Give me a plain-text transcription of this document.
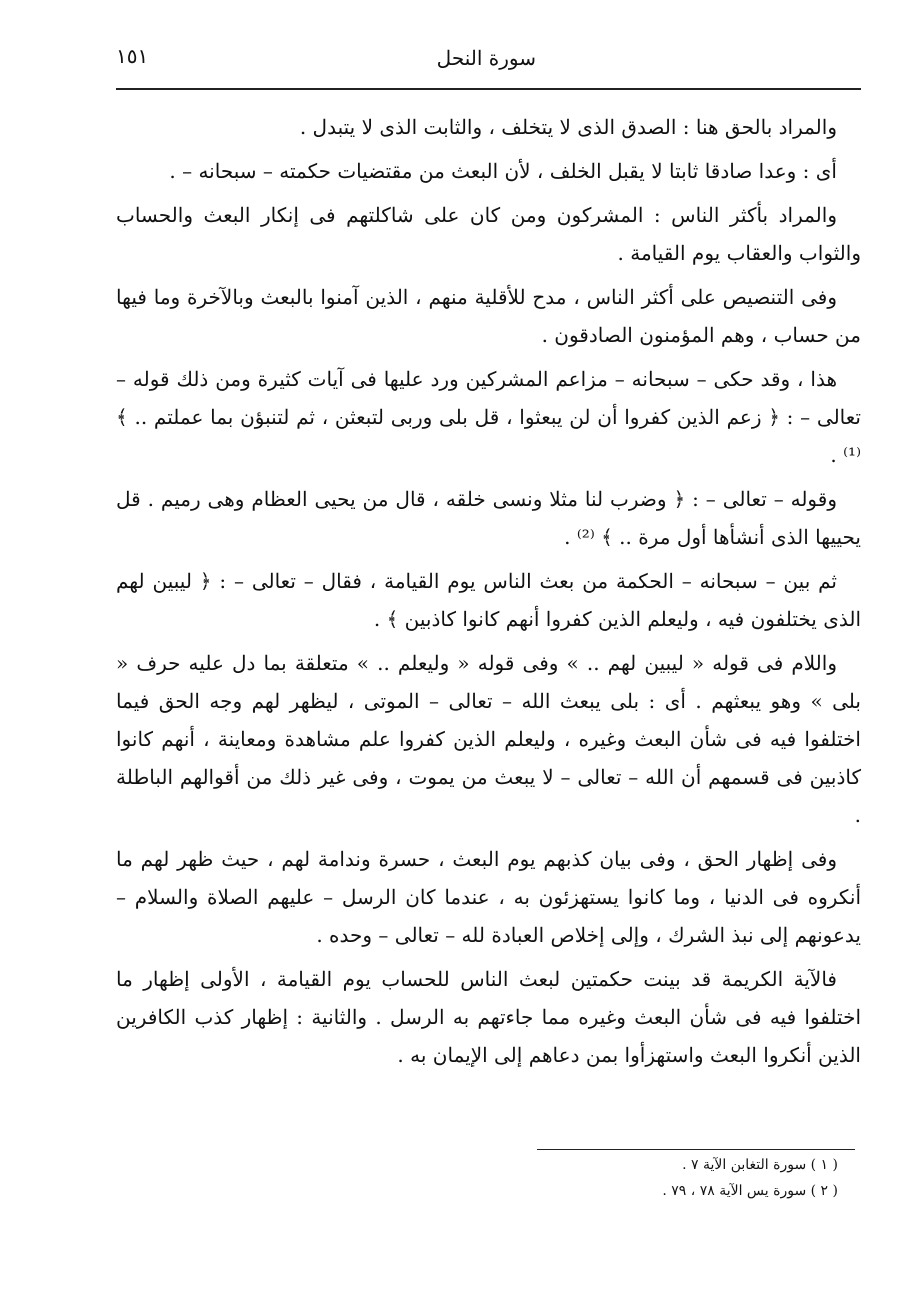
سورة النحل
١٥١

والمراد بالحق هنا : الصدق الذى لا يتخلف ، والثابت الذى لا يتبدل .

أى : وعدا صادقا ثابتا لا يقبل الخلف ، لأن البعث من مقتضيات حكمته – سبحانه – .

والمراد بأكثر الناس : المشركون ومن كان على شاكلتهم فى إنكار البعث والحساب والثواب والعقاب يوم القيامة .

وفى التنصيص على أكثر الناس ، مدح للأقلية منهم ، الذين آمنوا بالبعث وبالآخرة وما فيها من حساب ، وهم المؤمنون الصادقون .

هذا ، وقد حكى – سبحانه – مزاعم المشركين ورد عليها فى آيات كثيرة ومن ذلك قوله – تعالى – : ﴿ زعم الذين كفروا أن لن يبعثوا ، قل بلى وربى لتبعثن ، ثم لتنبؤن بما عملتم .. ﴾⁽¹⁾ .

وقوله – تعالى – : ﴿ وضرب لنا مثلا ونسى خلقه ، قال من يحيى العظام وهى رميم . قل يحييها الذى أنشأها أول مرة .. ﴾ ⁽²⁾ .

ثم بين – سبحانه – الحكمة من بعث الناس يوم القيامة ، فقال – تعالى – : ﴿ ليبين لهم الذى يختلفون فيه ، وليعلم الذين كفروا أنهم كانوا كاذبين ﴾ .

واللام فى قوله « ليبين لهم .. » وفى قوله « وليعلم .. » متعلقة بما دل عليه حرف « بلى » وهو يبعثهم . أى : بلى يبعث الله – تعالى – الموتى ، ليظهر لهم وجه الحق فيما اختلفوا فيه فى شأن البعث وغيره ، وليعلم الذين كفروا علم مشاهدة ومعاينة ، أنهم كانوا كاذبين فى قسمهم أن الله – تعالى – لا يبعث من يموت ، وفى غير ذلك من أقوالهم الباطلة .

وفى إظهار الحق ، وفى بيان كذبهم يوم البعث ، حسرة وندامة لهم ، حيث ظهر لهم ما أنكروه فى الدنيا ، وما كانوا يستهزئون به ، عندما كان الرسل – عليهم الصلاة والسلام – يدعونهم إلى نبذ الشرك ، وإلى إخلاص العبادة لله – تعالى – وحده .

فالآية الكريمة قد بينت حكمتين لبعث الناس للحساب يوم القيامة ، الأولى إظهار ما اختلفوا فيه فى شأن البعث وغيره مما جاءتهم به الرسل . والثانية : إظهار كذب الكافرين الذين أنكروا البعث واستهزأوا بمن دعاهم إلى الإيمان به .

( ١ ) سورة التغابن الآية ٧ .

( ٢ ) سورة يس الآية ٧٨ ، ٧٩ .
